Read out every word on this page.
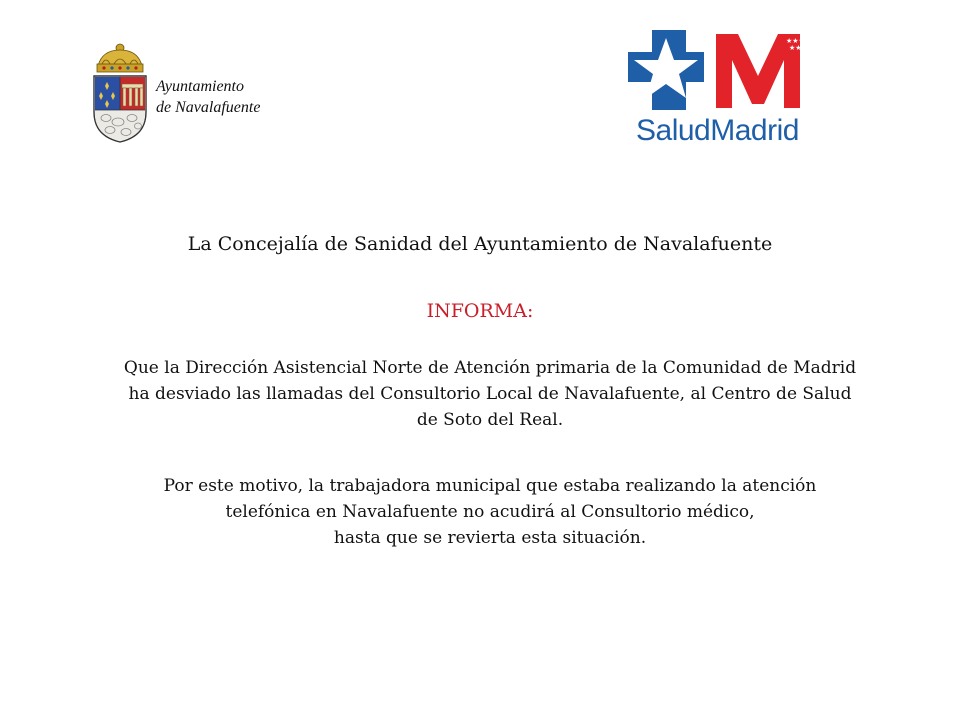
Ayuntamiento
de Navalafuente
★★★★
★★★
SaludMadrid
La Concejalía de Sanidad del Ayuntamiento de Navalafuente
INFORMA:
Que la Dirección Asistencial Norte de Atención primaria de la Comunidad de Madrid
ha desviado las llamadas del Consultorio Local de Navalafuente, al Centro de Salud
de Soto del Real.
Por este motivo, la trabajadora municipal que estaba realizando la atención
telefónica en Navalafuente no acudirá al Consultorio médico,
hasta que se revierta esta situación.
